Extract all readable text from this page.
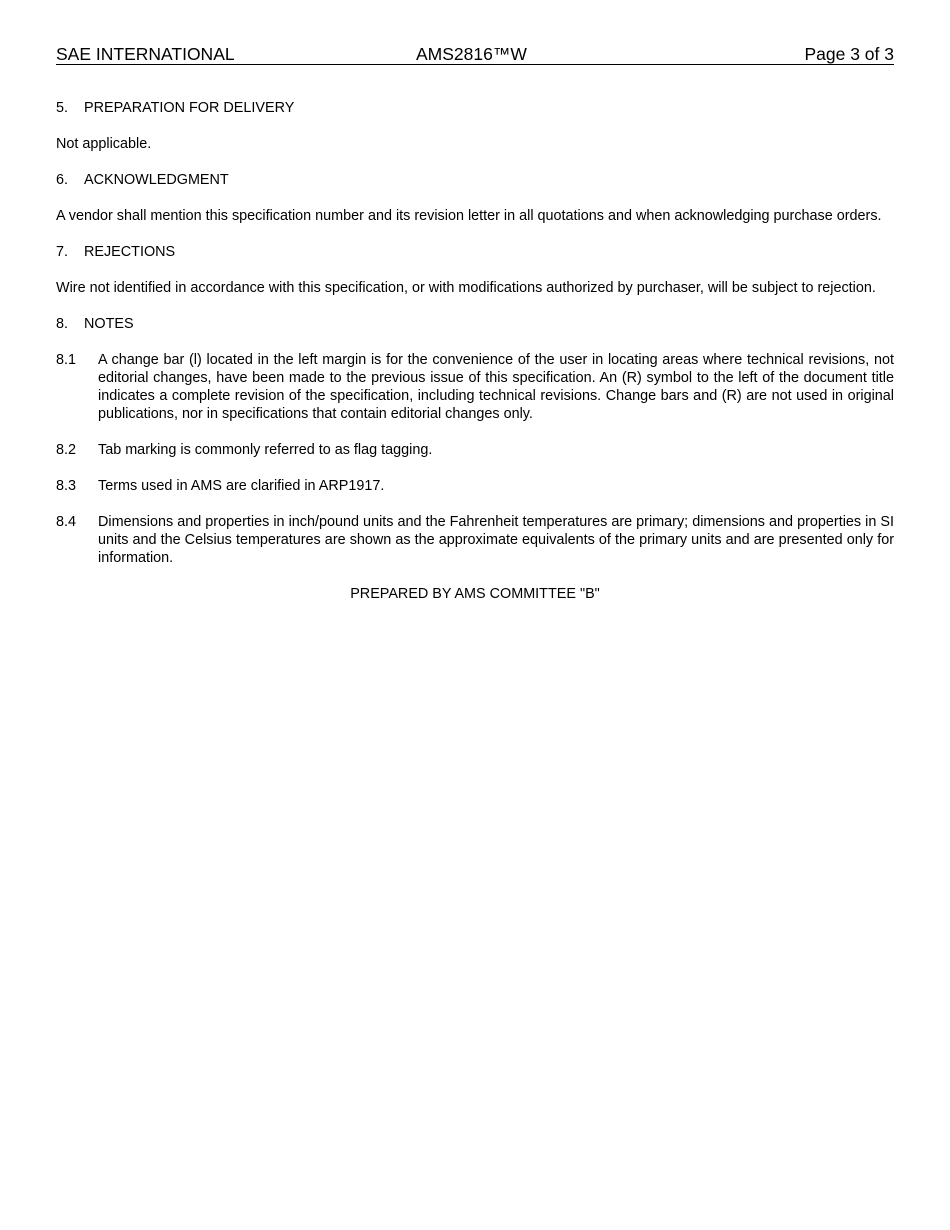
SAE INTERNATIONAL	AMS2816™W	Page 3 of 3

5. PREPARATION FOR DELIVERY

Not applicable.

6. ACKNOWLEDGMENT

A vendor shall mention this specification number and its revision letter in all quotations and when acknowledging purchase orders.

7. REJECTIONS

Wire not identified in accordance with this specification, or with modifications authorized by purchaser, will be subject to rejection.

8. NOTES

8.1 A change bar (l) located in the left margin is for the convenience of the user in locating areas where technical revisions, not editorial changes, have been made to the previous issue of this specification. An (R) symbol to the left of the document title indicates a complete revision of the specification, including technical revisions. Change bars and (R) are not used in original publications, nor in specifications that contain editorial changes only.

8.2 Tab marking is commonly referred to as flag tagging.

8.3 Terms used in AMS are clarified in ARP1917.

8.4 Dimensions and properties in inch/pound units and the Fahrenheit temperatures are primary; dimensions and properties in SI units and the Celsius temperatures are shown as the approximate equivalents of the primary units and are presented only for information.

PREPARED BY AMS COMMITTEE "B"
